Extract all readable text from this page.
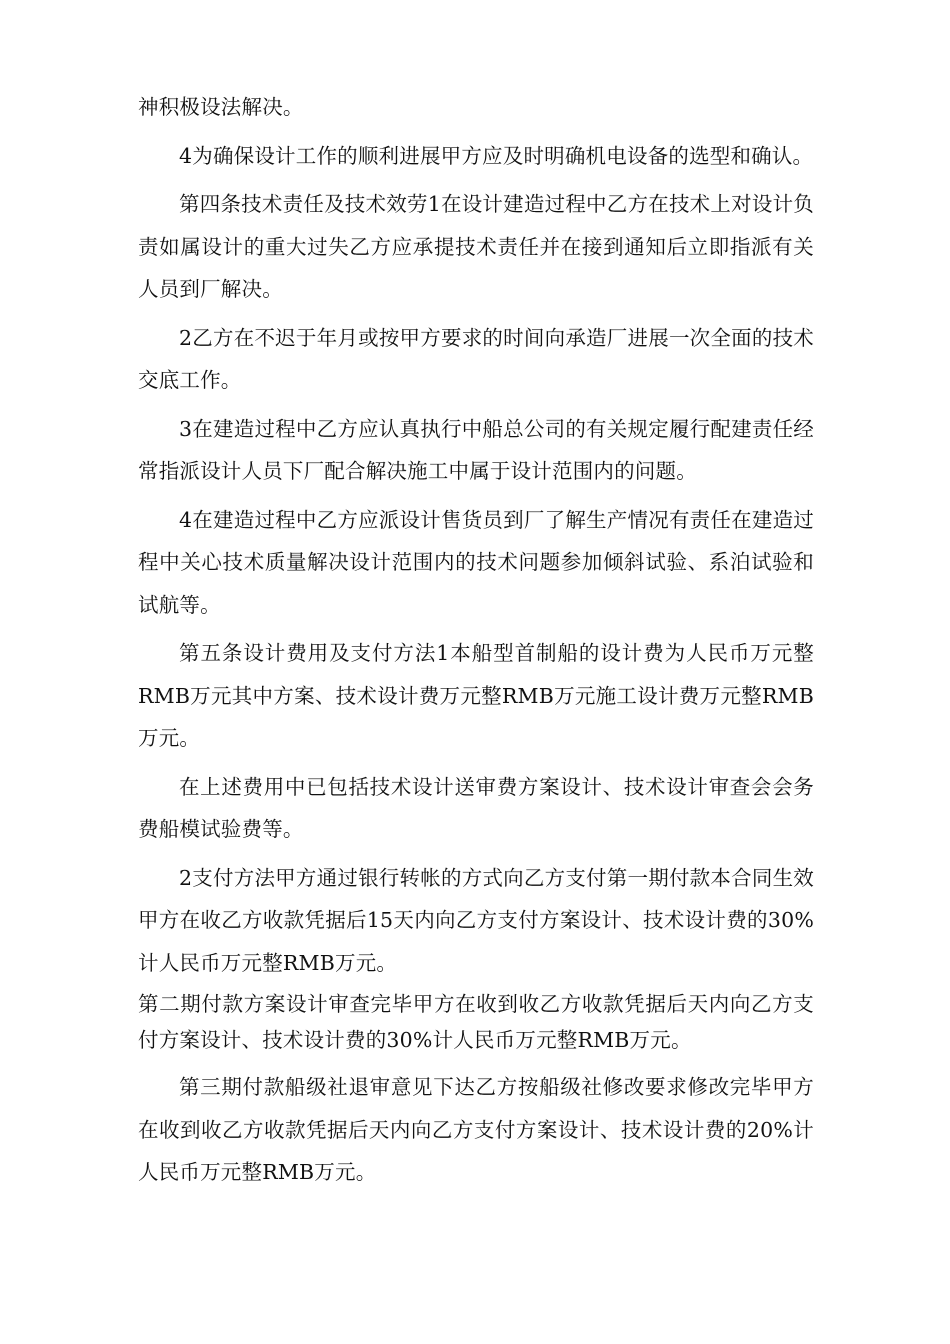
神积极设法解决。

4为确保设计工作的顺利进展甲方应及时明确机电设备的选型和确认。

第四条技术责任及技术效劳1在设计建造过程中乙方在技术上对设计负责如属设计的重大过失乙方应承提技术责任并在接到通知后立即指派有关人员到厂解决。

2乙方在不迟于年月或按甲方要求的时间向承造厂进展一次全面的技术交底工作。

3在建造过程中乙方应认真执行中船总公司的有关规定履行配建责任经常指派设计人员下厂配合解决施工中属于设计范围内的问题。

4在建造过程中乙方应派设计售货员到厂了解生产情况有责任在建造过程中关心技术质量解决设计范围内的技术问题参加倾斜试验、系泊试验和试航等。

第五条设计费用及支付方法1本船型首制船的设计费为人民币万元整RMB万元其中方案、技术设计费万元整RMB万元施工设计费万元整RMB万元。

在上述费用中已包括技术设计送审费方案设计、技术设计审查会会务费船模试验费等。

2支付方法甲方通过银行转帐的方式向乙方支付第一期付款本合同生效甲方在收乙方收款凭据后15天内向乙方支付方案设计、技术设计费的30%计人民币万元整RMB万元。

第二期付款方案设计审查完毕甲方在收到收乙方收款凭据后天内向乙方支付方案设计、技术设计费的30%计人民币万元整RMB万元。

第三期付款船级社退审意见下达乙方按船级社修改要求修改完毕甲方在收到收乙方收款凭据后天内向乙方支付方案设计、技术设计费的20%计人民币万元整RMB万元。
